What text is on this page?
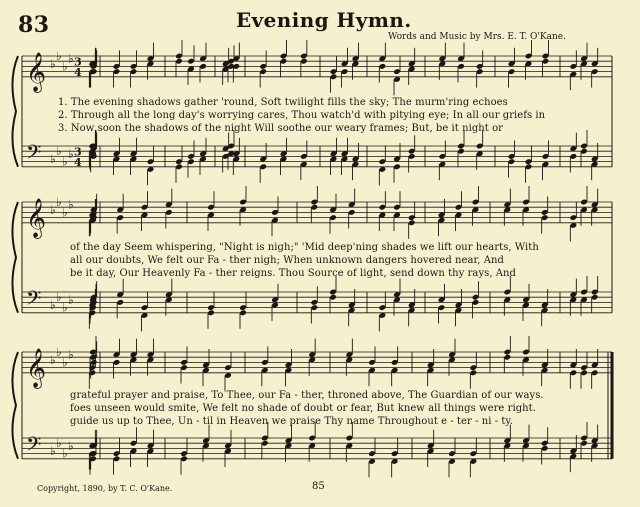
83	Evening Hymn.
Words and Music by Mrs. E. T. O'Kane.
𝄞 ♭
♭
♭
♭ 3
4
𝄢 ♭
♭
♭
♭ 3
4
𝄞 ♭
♭
♭
♭
𝄢 ♭
♭
♭
♭
𝄞 ♭
♭
♭
♭
𝄢 ♭
♭
♭
♭
1. The evening shadows gather 'round, Soft twilight fills the sky; The murm'ring echoes
2. Through all the long day's worrying cares, Thou watch'd with pitying eye; In all our griefs in
3. Now soon the shadows of the night Will soothe our weary frames; But, be it night or
of the day Seem whispering, "Night is nigh;" 'Mid deep'ning shades we lift our hearts, With
all our doubts, We felt our Fa - ther nigh; When unknown dangers hovered near, And
be it day, Our Heavenly Fa - ther reigns. Thou Source of light, send down thy rays, And
grateful prayer and praise, To Thee, our Fa - ther, throned above, The Guardian of our ways.
foes unseen would smite, We felt no shade of doubt or fear, But knew all things were right.
guide us up to Thee, Un - til in Heaven we praise Thy name Throughout e - ter - ni - ty.
Copyright, 1890, by T. C. O'Kane.	85
